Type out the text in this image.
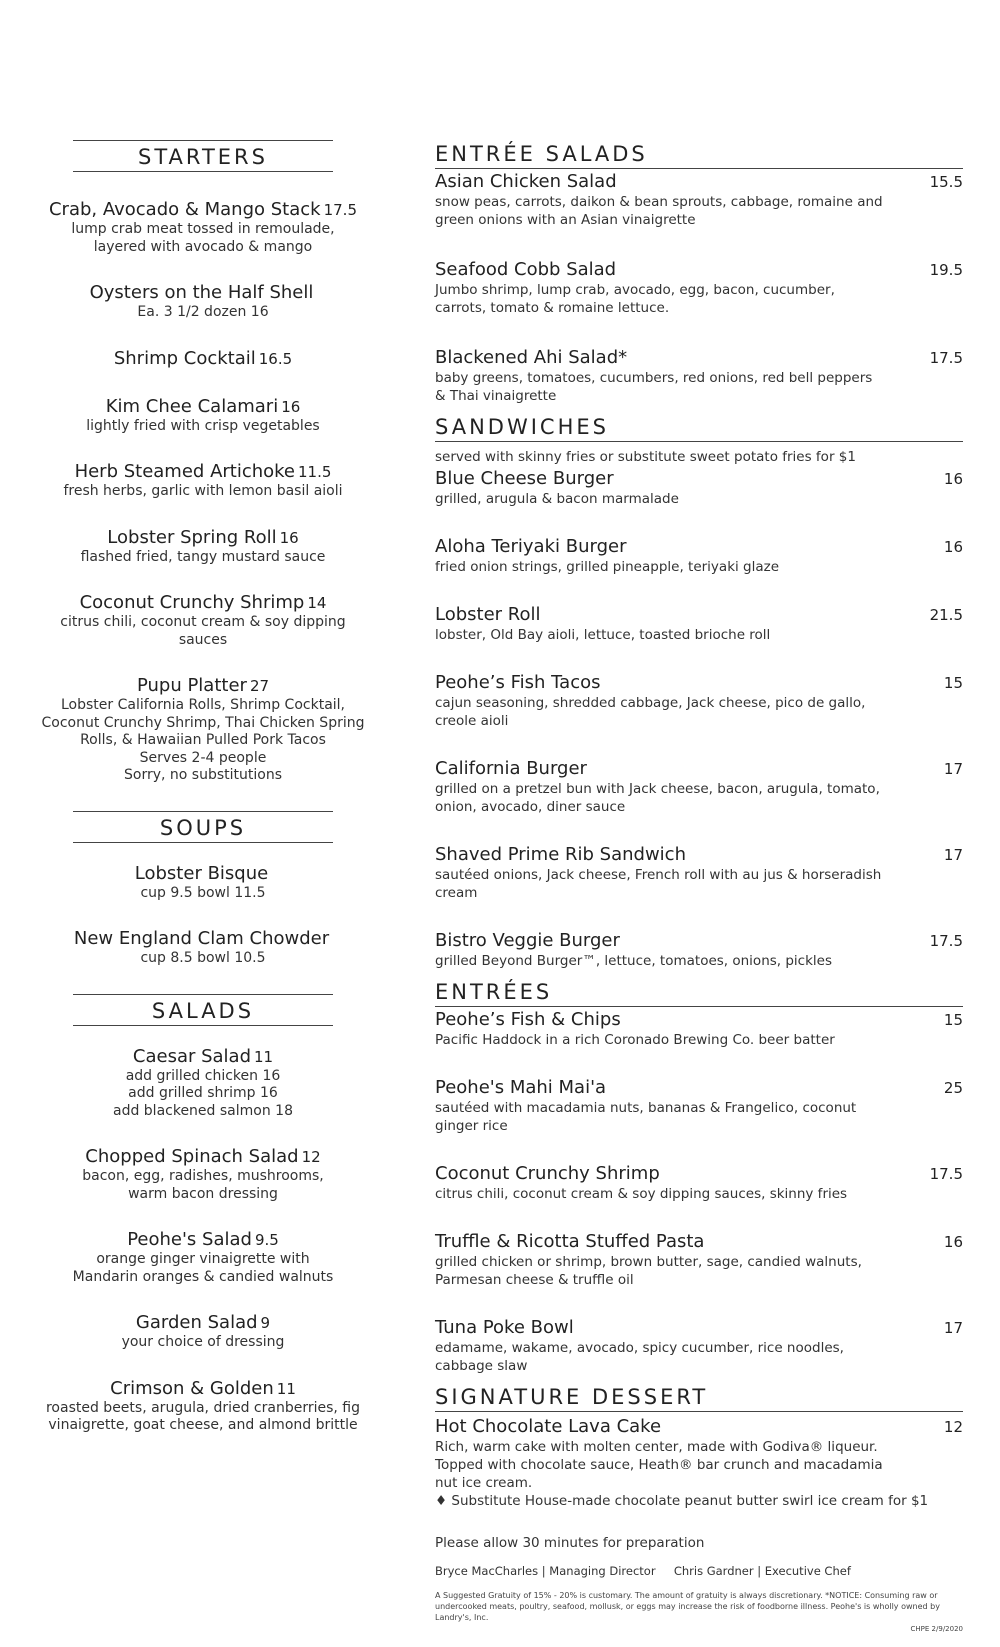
STARTERS
Crab, Avocado & Mango Stack 17.5
lump crab meat tossed in remoulade,
layered with avocado & mango
Oysters on the Half Shell
Ea. 3 1/2 dozen 16
Shrimp Cocktail 16.5
Kim Chee Calamari 16
lightly fried with crisp vegetables
Herb Steamed Artichoke 11.5
fresh herbs, garlic with lemon basil aioli
Lobster Spring Roll 16
flashed fried, tangy mustard sauce
Coconut Crunchy Shrimp 14
citrus chili, coconut cream & soy dipping
sauces
Pupu Platter 27
Lobster California Rolls, Shrimp Cocktail,
Coconut Crunchy Shrimp, Thai Chicken Spring
Rolls, & Hawaiian Pulled Pork Tacos
Serves 2-4 people
Sorry, no substitutions
SOUPS
Lobster Bisque
cup 9.5 bowl 11.5
New England Clam Chowder
cup 8.5 bowl 10.5
SALADS
Caesar Salad 11
add grilled chicken 16
add grilled shrimp 16
add blackened salmon 18
Chopped Spinach Salad 12
bacon, egg, radishes, mushrooms,
warm bacon dressing
Peohe's Salad 9.5
orange ginger vinaigrette with
Mandarin oranges & candied walnuts
Garden Salad 9
your choice of dressing
Crimson & Golden 11
roasted beets, arugula, dried cranberries, fig
vinaigrette, goat cheese, and almond brittle
ENTRÉE SALADS
Asian Chicken Salad	15.5
snow peas, carrots, daikon & bean sprouts, cabbage, romaine and green onions with an Asian vinaigrette
Seafood Cobb Salad	19.5
Jumbo shrimp, lump crab, avocado, egg, bacon, cucumber, carrots, tomato & romaine lettuce.
Blackened Ahi Salad*	17.5
baby greens, tomatoes, cucumbers, red onions, red bell peppers & Thai vinaigrette
SANDWICHES
served with skinny fries or substitute sweet potato fries for $1
Blue Cheese Burger	16
grilled, arugula & bacon marmalade
Aloha Teriyaki Burger	16
fried onion strings, grilled pineapple, teriyaki glaze
Lobster Roll	21.5
lobster, Old Bay aioli, lettuce, toasted brioche roll
Peohe’s Fish Tacos	15
cajun seasoning, shredded cabbage, Jack cheese, pico de gallo, creole aioli
California Burger	17
grilled on a pretzel bun with Jack cheese, bacon, arugula, tomato, onion, avocado, diner sauce
Shaved Prime Rib Sandwich	17
sautéed onions, Jack cheese, French roll with au jus & horseradish cream
Bistro Veggie Burger	17.5
grilled Beyond Burger™, lettuce, tomatoes, onions, pickles
ENTRÉES
Peohe’s Fish & Chips	15
Pacific Haddock in a rich Coronado Brewing Co. beer batter
Peohe's Mahi Mai'a	25
sautéed with macadamia nuts, bananas & Frangelico, coconut ginger rice
Coconut Crunchy Shrimp	17.5
citrus chili, coconut cream & soy dipping sauces, skinny fries
Truffle & Ricotta Stuffed Pasta	16
grilled chicken or shrimp, brown butter, sage, candied walnuts, Parmesan cheese & truffle oil
Tuna Poke Bowl	17
edamame, wakame, avocado, spicy cucumber, rice noodles, cabbage slaw
SIGNATURE DESSERT
Hot Chocolate Lava Cake	12
Rich, warm cake with molten center, made with Godiva® liqueur. Topped with chocolate sauce, Heath® bar crunch and macadamia nut ice cream.
♦ Substitute House-made chocolate peanut butter swirl ice cream for $1
Please allow 30 minutes for preparation
Bryce MacCharles | Managing Director     Chris Gardner | Executive Chef
A Suggested Gratuity of 15% - 20% is customary. The amount of gratuity is always discretionary. *NOTICE: Consuming raw or undercooked meats, poultry, seafood, mollusk, or eggs may increase the risk of foodborne illness. Peohe's is wholly owned by Landry's, Inc.
CHPE 2/9/2020
